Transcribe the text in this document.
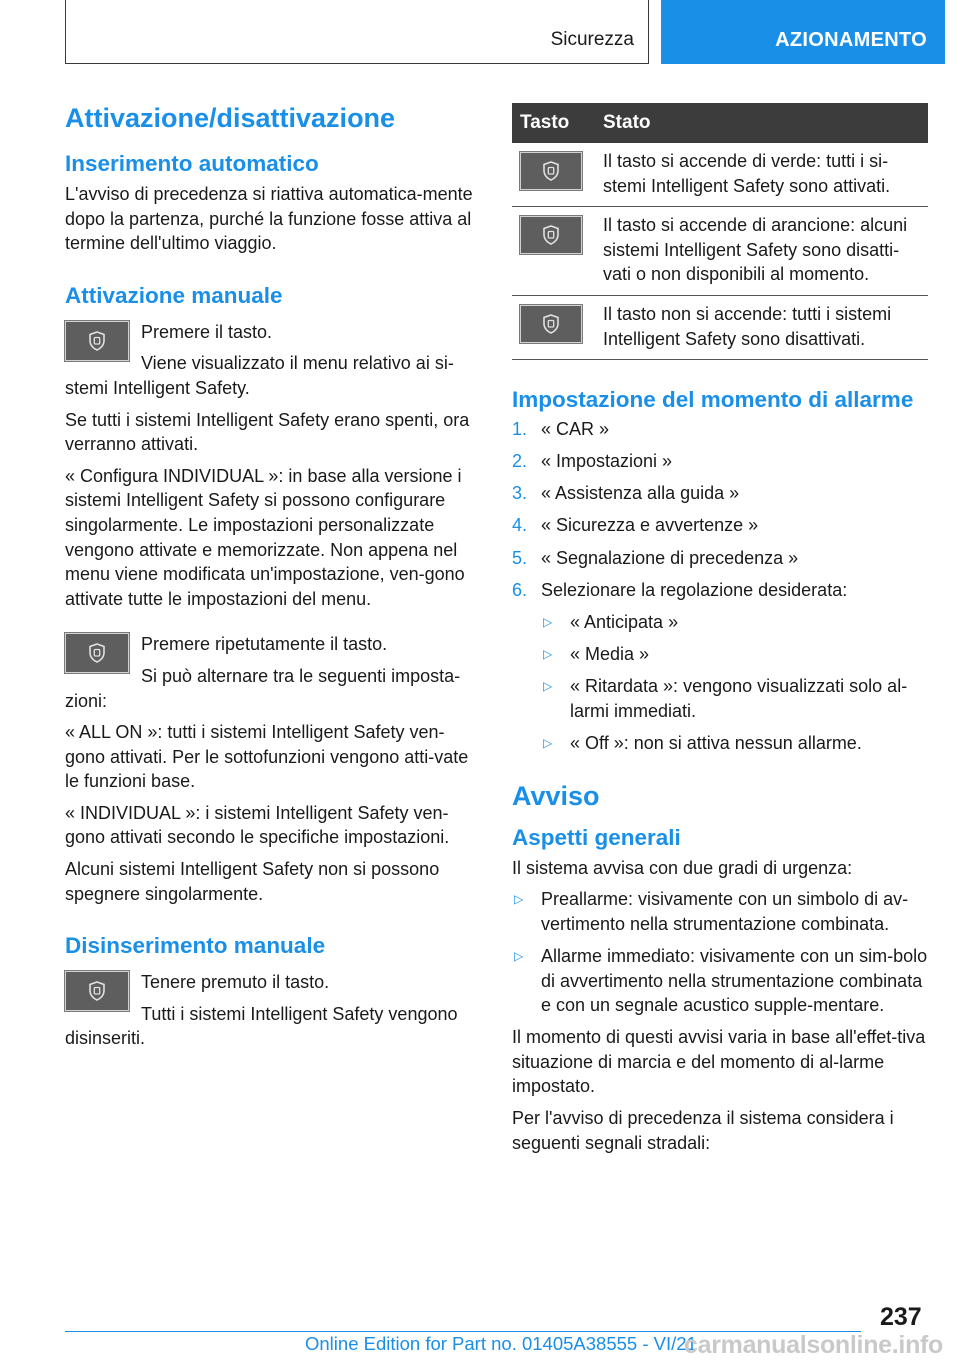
Sicurezza	AZIONAMENTO
Attivazione/disattivazione
Inserimento automatico

L'avviso di precedenza si riattiva automatica-mente dopo la partenza, purché la funzione fosse attiva al termine dell'ultimo viaggio.

Attivazione manuale

Premere il tasto.

Viene visualizzato il menu relativo ai si-stemi Intelligent Safety.

Se tutti i sistemi Intelligent Safety erano spenti, ora verranno attivati.

« Configura INDIVIDUAL »: in base alla versione i sistemi Intelligent Safety si possono configurare singolarmente. Le impostazioni personalizzate vengono attivate e memorizzate. Non appena nel menu viene modificata un'impostazione, ven-gono attivate tutte le impostazioni del menu.

Premere ripetutamente il tasto.

Si può alternare tra le seguenti imposta-zioni:

« ALL ON »: tutti i sistemi Intelligent Safety ven-gono attivati. Per le sottofunzioni vengono atti-vate le funzioni base.

« INDIVIDUAL »: i sistemi Intelligent Safety ven-gono attivati secondo le specifiche impostazioni.

Alcuni sistemi Intelligent Safety non si possono spegnere singolarmente.

Disinserimento manuale

Tenere premuto il tasto.

Tutti i sistemi Intelligent Safety vengono disinseriti.

Tasto	Stato

	Il tasto si accende di verde: tutti i si-stemi Intelligent Safety sono attivati.

	Il tasto si accende di arancione: alcuni sistemi Intelligent Safety sono disatti-vati o non disponibili al momento.

	Il tasto non si accende: tutti i sistemi Intelligent Safety sono disattivati.
Impostazione del momento di allarme
1. « CAR »
2. « Impostazioni »
3. « Assistenza alla guida »
4. « Sicurezza e avvertenze »
5. « Segnalazione di precedenza »
6. Selezionare la regolazione desiderata:
▷ « Anticipata »
▷ « Media »
▷ « Ritardata »: vengono visualizzati solo al-larmi immediati.
▷ « Off »: non si attiva nessun allarme.
Avviso
Aspetti generali

Il sistema avvisa con due gradi di urgenza:

▷ Preallarme: visivamente con un simbolo di av-vertimento nella strumentazione combinata.
▷ Allarme immediato: visivamente con un sim-bolo di avvertimento nella strumentazione combinata e con un segnale acustico supple-mentare.

Il momento di questi avvisi varia in base all'effet-tiva situazione di marcia e del momento di al-larme impostato.

Per l'avviso di precedenza il sistema considera i seguenti segnali stradali:

237
Online Edition for Part no. 01405A38555 - VI/21
carmanualsonline.info
